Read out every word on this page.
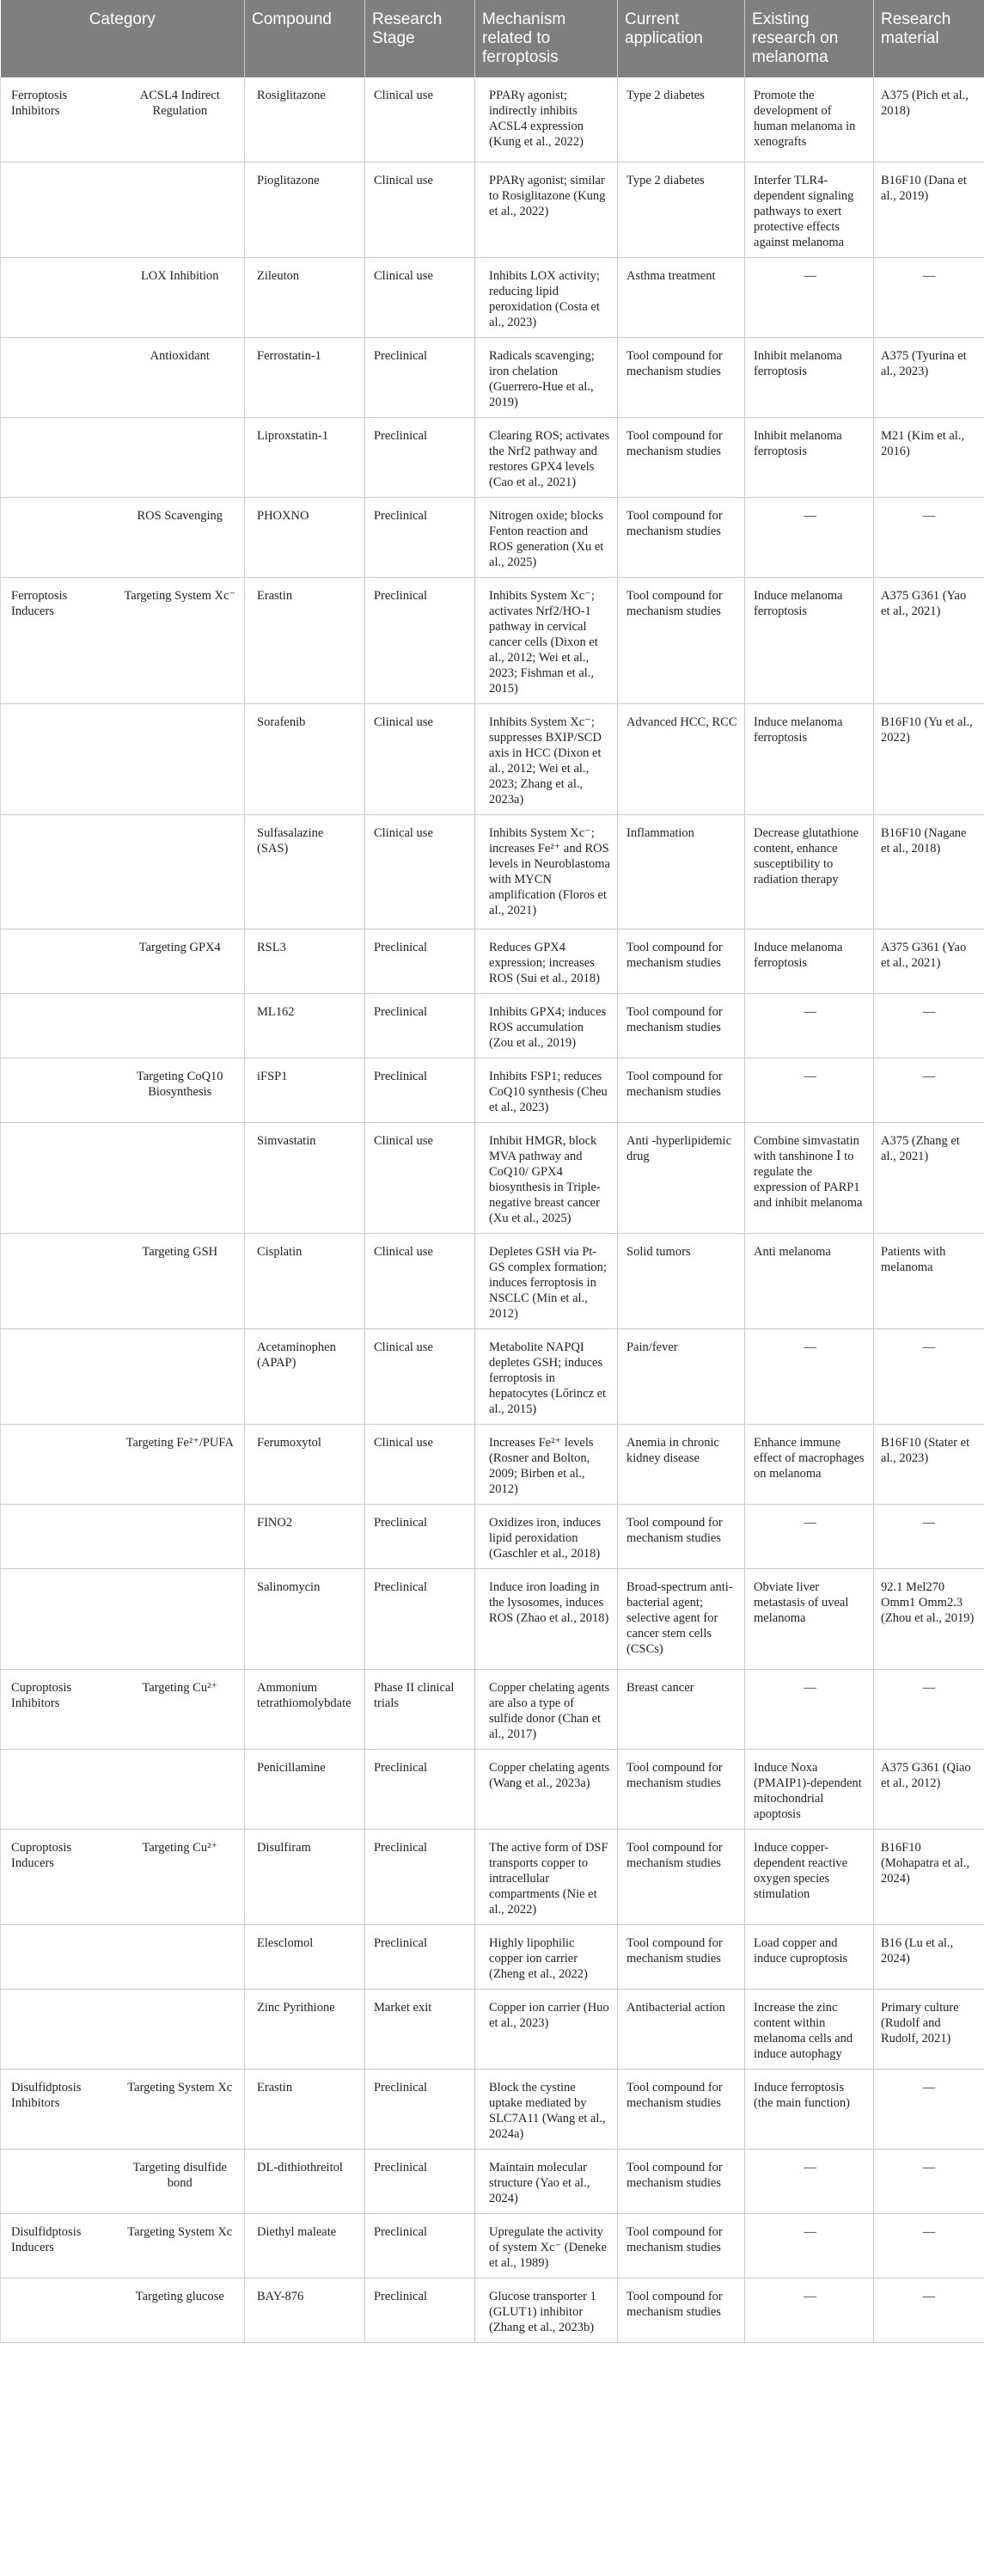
Category		Compound	Research Stage	Mechanism related to ferroptosis	Current application	Existing research on melanoma	Research material
Ferroptosis Inhibitors	ACSL4 Indirect Regulation	Rosiglitazone	Clinical use	PPARγ agonist; indirectly inhibits ACSL4 expression (Kung et al., 2022)	Type 2 diabetes	Promote the development of human melanoma in xenografts	A375 (Pich et al., 2018)
		Pioglitazone	Clinical use	PPARγ agonist; similar to Rosiglitazone (Kung et al., 2022)	Type 2 diabetes	Interfer TLR4-dependent signaling pathways to exert protective effects against melanoma	B16F10 (Dana et al., 2019)
	LOX Inhibition	Zileuton	Clinical use	Inhibits LOX activity; reducing lipid peroxidation (Costa et al., 2023)	Asthma treatment	—	—
	Antioxidant	Ferrostatin-1	Preclinical	Radicals scavenging; iron chelation (Guerrero-Hue et al., 2019)	Tool compound for mechanism studies	Inhibit melanoma ferroptosis	A375 (Tyurina et al., 2023)
		Liproxstatin-1	Preclinical	Clearing ROS; activates the Nrf2 pathway and restores GPX4 levels (Cao et al., 2021)	Tool compound for mechanism studies	Inhibit melanoma ferroptosis	M21 (Kim et al., 2016)
	ROS Scavenging	PHOXNO	Preclinical	Nitrogen oxide; blocks Fenton reaction and ROS generation (Xu et al., 2025)	Tool compound for mechanism studies	—	—
Ferroptosis Inducers	Targeting System Xc⁻	Erastin	Preclinical	Inhibits System Xc⁻; activates Nrf2/HO-1 pathway in cervical cancer cells (Dixon et al., 2012; Wei et al., 2023; Fishman et al., 2015)	Tool compound for mechanism studies	Induce melanoma ferroptosis	A375 G361 (Yao et al., 2021)
		Sorafenib	Clinical use	Inhibits System Xc⁻; suppresses BXIP/SCD axis in HCC (Dixon et al., 2012; Wei et al., 2023; Zhang et al., 2023a)	Advanced HCC, RCC	Induce melanoma ferroptosis	B16F10 (Yu et al., 2022)
		Sulfasalazine (SAS)	Clinical use	Inhibits System Xc⁻; increases Fe²⁺ and ROS levels in Neuroblastoma with MYCN amplification (Floros et al., 2021)	Inflammation	Decrease glutathione content, enhance susceptibility to radiation therapy	B16F10 (Nagane et al., 2018)
	Targeting GPX4	RSL3	Preclinical	Reduces GPX4 expression; increases ROS (Sui et al., 2018)	Tool compound for mechanism studies	Induce melanoma ferroptosis	A375 G361 (Yao et al., 2021)
		ML162	Preclinical	Inhibits GPX4; induces ROS accumulation (Zou et al., 2019)	Tool compound for mechanism studies	—	—
	Targeting CoQ10 Biosynthesis	iFSP1	Preclinical	Inhibits FSP1; reduces CoQ10 synthesis (Cheu et al., 2023)	Tool compound for mechanism studies	—	—
		Simvastatin	Clinical use	Inhibit HMGR, block MVA pathway and CoQ10/ GPX4 biosynthesis in Triple-negative breast cancer (Xu et al., 2025)	Anti -hyperlipidemic drug	Combine simvastatin with tanshinone Ⅰ to regulate the expression of PARP1 and inhibit melanoma	A375 (Zhang et al., 2021)
	Targeting GSH	Cisplatin	Clinical use	Depletes GSH via Pt-GS complex formation; induces ferroptosis in NSCLC (Min et al., 2012)	Solid tumors	Anti melanoma	Patients with melanoma
		Acetaminophen (APAP)	Clinical use	Metabolite NAPQI depletes GSH; induces ferroptosis in hepatocytes (Lőrincz et al., 2015)	Pain/fever	—	—
	Targeting Fe²⁺/PUFA	Ferumoxytol	Clinical use	Increases Fe²⁺ levels (Rosner and Bolton, 2009; Birben et al., 2012)	Anemia in chronic kidney disease	Enhance immune effect of macrophages on melanoma	B16F10 (Stater et al., 2023)
		FINO2	Preclinical	Oxidizes iron, induces lipid peroxidation (Gaschler et al., 2018)	Tool compound for mechanism studies	—	—
		Salinomycin	Preclinical	Induce iron loading in the lysosomes, induces ROS (Zhao et al., 2018)	Broad-spectrum anti-bacterial agent; selective agent for cancer stem cells (CSCs)	Obviate liver metastasis of uveal melanoma	92.1 Mel270 Omm1 Omm2.3 (Zhou et al., 2019)
Cuproptosis Inhibitors	Targeting Cu²⁺	Ammonium tetrathiomolybdate	Phase II clinical trials	Copper chelating agents are also a type of sulfide donor (Chan et al., 2017)	Breast cancer	—	—
		Penicillamine	Preclinical	Copper chelating agents (Wang et al., 2023a)	Tool compound for mechanism studies	Induce Noxa (PMAIP1)-dependent mitochondrial apoptosis	A375 G361 (Qiao et al., 2012)
Cuproptosis Inducers	Targeting Cu²⁺	Disulfiram	Preclinical	The active form of DSF transports copper to intracellular compartments (Nie et al., 2022)	Tool compound for mechanism studies	Induce copper-dependent reactive oxygen species stimulation	B16F10 (Mohapatra et al., 2024)
		Elesclomol	Preclinical	Highly lipophilic copper ion carrier (Zheng et al., 2022)	Tool compound for mechanism studies	Load copper and induce cuproptosis	B16 (Lu et al., 2024)
		Zinc Pyrithione	Market exit	Copper ion carrier (Huo et al., 2023)	Antibacterial action	Increase the zinc content within melanoma cells and induce autophagy	Primary culture (Rudolf and Rudolf, 2021)
Disulfidptosis Inhibitors	Targeting System Xc	Erastin	Preclinical	Block the cystine uptake mediated by SLC7A11 (Wang et al., 2024a)	Tool compound for mechanism studies	Induce ferroptosis (the main function)	—
	Targeting disulfide bond	DL-dithiothreitol	Preclinical	Maintain molecular structure (Yao et al., 2024)	Tool compound for mechanism studies	—	—
Disulfidptosis Inducers	Targeting System Xc	Diethyl maleate	Preclinical	Upregulate the activity of system Xc⁻ (Deneke et al., 1989)	Tool compound for mechanism studies	—	—
	Targeting glucose	BAY-876	Preclinical	Glucose transporter 1 (GLUT1) inhibitor (Zhang et al., 2023b)	Tool compound for mechanism studies	—	—
